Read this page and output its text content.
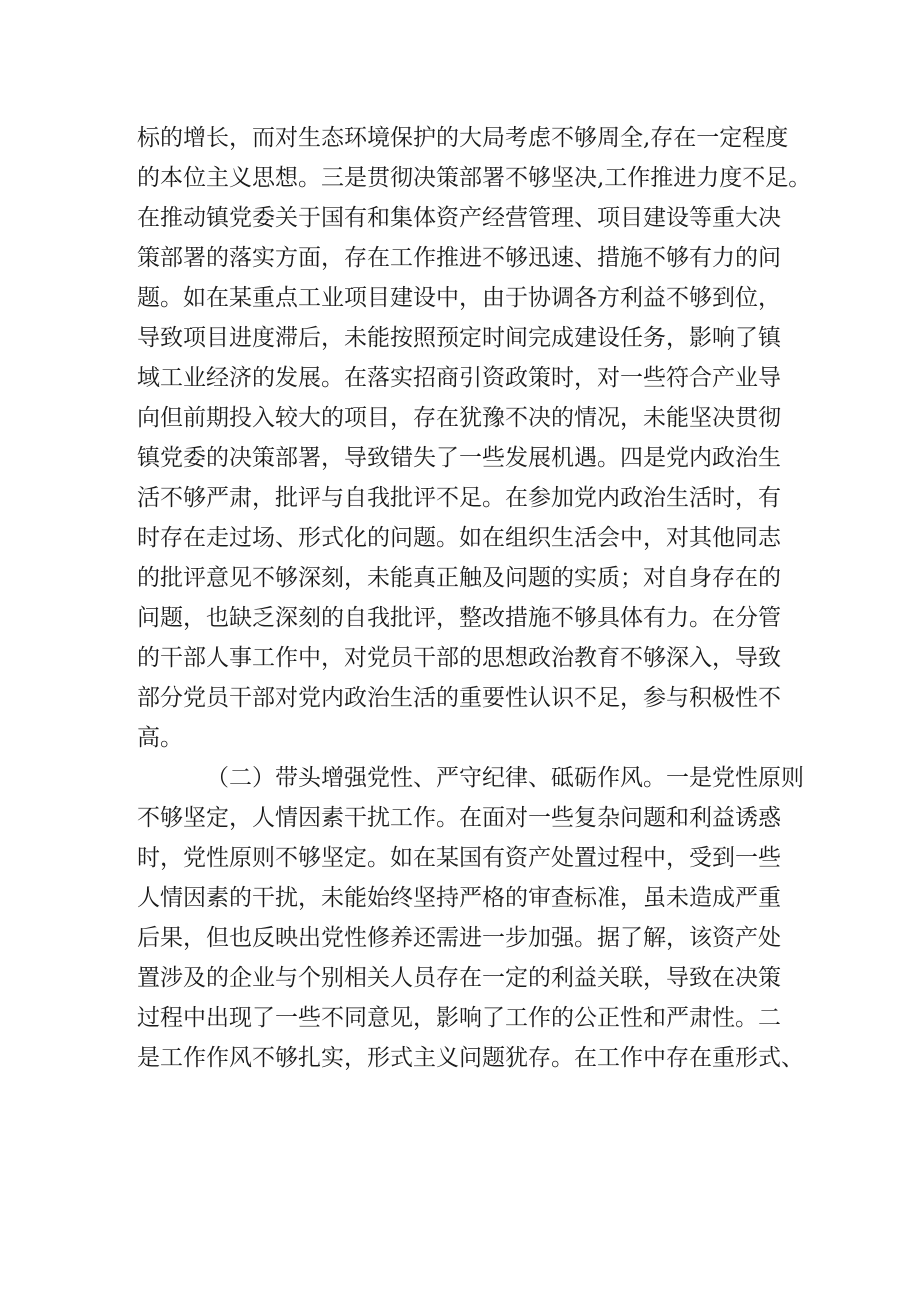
标的增长，而对生态环境保护的大局考虑不够周全,存在一定程度
的本位主义思想。三是贯彻决策部署不够坚决,工作推进力度不足。
在推动镇党委关于国有和集体资产经营管理、项目建设等重大决
策部署的落实方面，存在工作推进不够迅速、措施不够有力的问
题。如在某重点工业项目建设中，由于协调各方利益不够到位，
导致项目进度滞后，未能按照预定时间完成建设任务，影响了镇
域工业经济的发展。在落实招商引资政策时，对一些符合产业导
向但前期投入较大的项目，存在犹豫不决的情况，未能坚决贯彻
镇党委的决策部署，导致错失了一些发展机遇。四是党内政治生
活不够严肃，批评与自我批评不足。在参加党内政治生活时，有
时存在走过场、形式化的问题。如在组织生活会中，对其他同志
的批评意见不够深刻，未能真正触及问题的实质；对自身存在的
问题，也缺乏深刻的自我批评，整改措施不够具体有力。在分管
的干部人事工作中，对党员干部的思想政治教育不够深入，导致
部分党员干部对党内政治生活的重要性认识不足，参与积极性不
高。
（二）带头增强党性、严守纪律、砥砺作风。一是党性原则
不够坚定，人情因素干扰工作。在面对一些复杂问题和利益诱惑
时，党性原则不够坚定。如在某国有资产处置过程中，受到一些
人情因素的干扰，未能始终坚持严格的审查标准，虽未造成严重
后果，但也反映出党性修养还需进一步加强。据了解，该资产处
置涉及的企业与个别相关人员存在一定的利益关联，导致在决策
过程中出现了一些不同意见，影响了工作的公正性和严肃性。二
是工作作风不够扎实，形式主义问题犹存。在工作中存在重形式、
